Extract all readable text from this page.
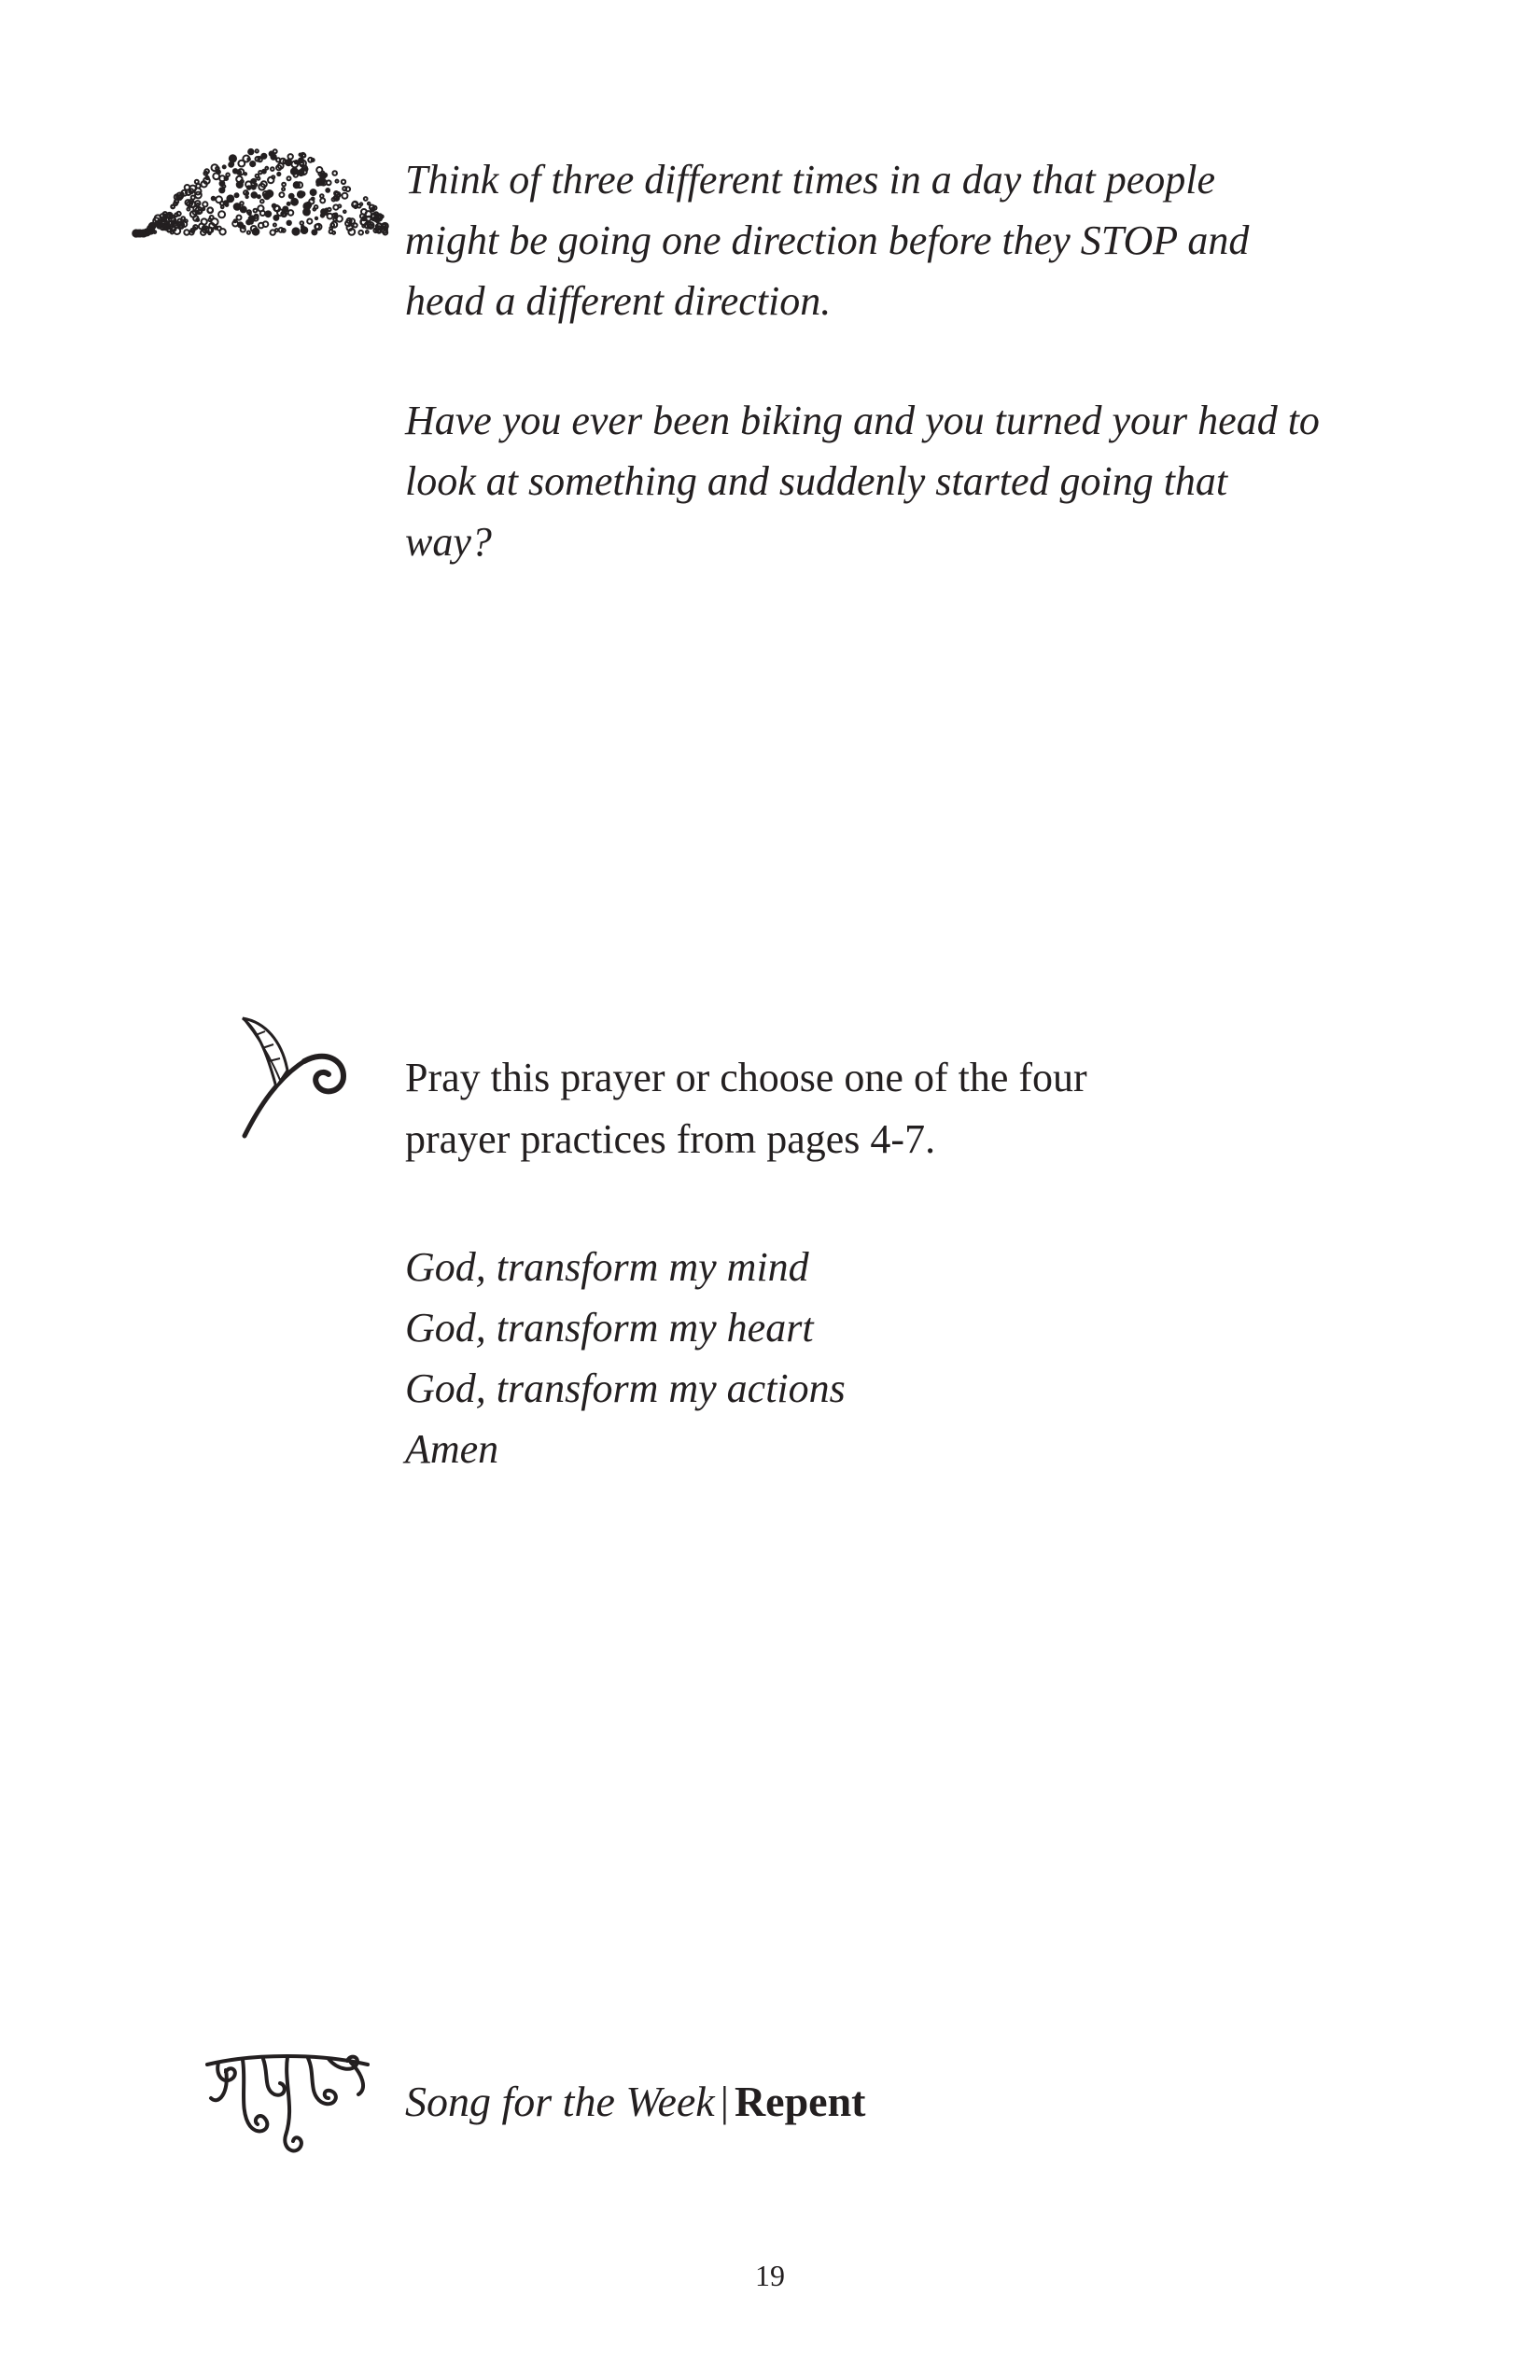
Think of three different times in a day that people
might be going one direction before they STOP and
head a different direction.

Have you ever been biking and you turned your head to
look at something and suddenly started going that
way?

Pray this prayer or choose one of the four
prayer practices from pages 4-7.

God, transform my mind
God, transform my heart
God, transform my actions
Amen

Song for the Week | Repent
19
